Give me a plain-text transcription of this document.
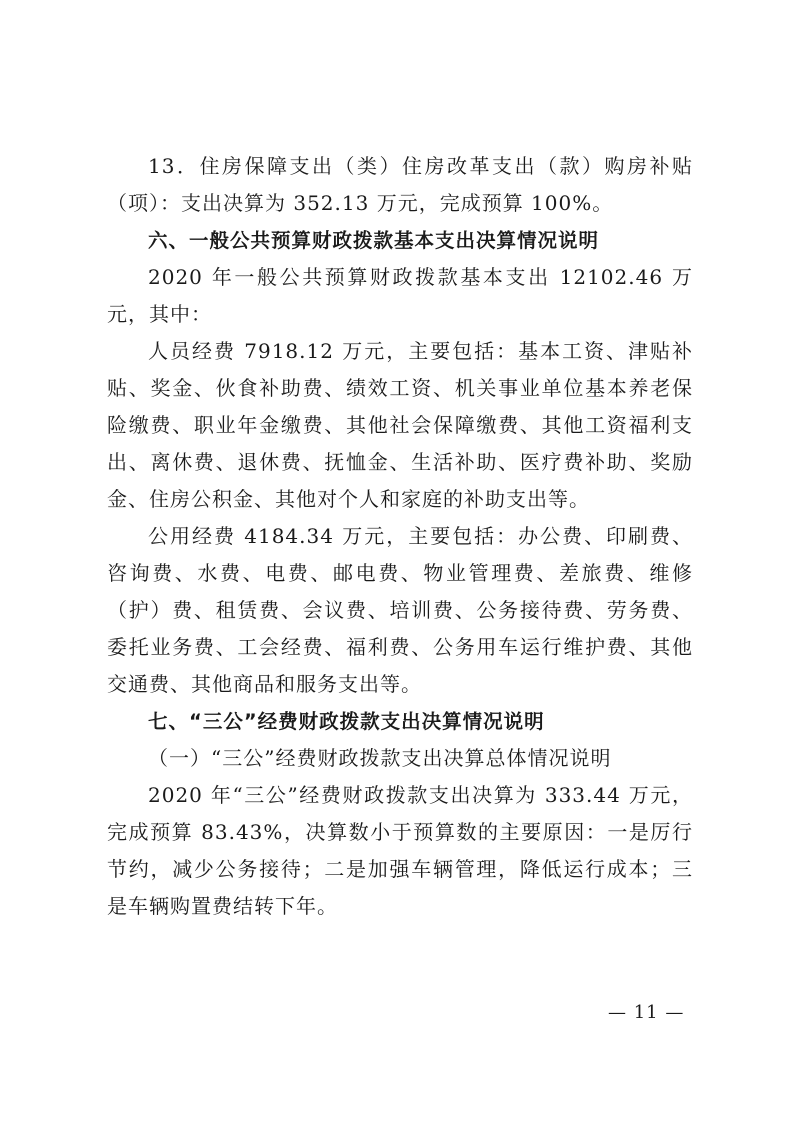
13．住房保障支出（类）住房改革支出（款）购房补贴（项）：支出决算为 352.13 万元，完成预算 100%。

六、一般公共预算财政拨款基本支出决算情况说明

2020 年一般公共预算财政拨款基本支出 12102.46 万元，其中：

人员经费 7918.12 万元，主要包括：基本工资、津贴补贴、奖金、伙食补助费、绩效工资、机关事业单位基本养老保险缴费、职业年金缴费、其他社会保障缴费、其他工资福利支出、离休费、退休费、抚恤金、生活补助、医疗费补助、奖励金、住房公积金、其他对个人和家庭的补助支出等。

公用经费 4184.34 万元，主要包括：办公费、印刷费、咨询费、水费、电费、邮电费、物业管理费、差旅费、维修（护）费、租赁费、会议费、培训费、公务接待费、劳务费、委托业务费、工会经费、福利费、公务用车运行维护费、其他交通费、其他商品和服务支出等。

七、“三公”经费财政拨款支出决算情况说明

（一）“三公”经费财政拨款支出决算总体情况说明

2020 年“三公”经费财政拨款支出决算为 333.44 万元，完成预算 83.43%，决算数小于预算数的主要原因：一是厉行节约，减少公务接待；二是加强车辆管理，降低运行成本；三是车辆购置费结转下年。

— 11 —
